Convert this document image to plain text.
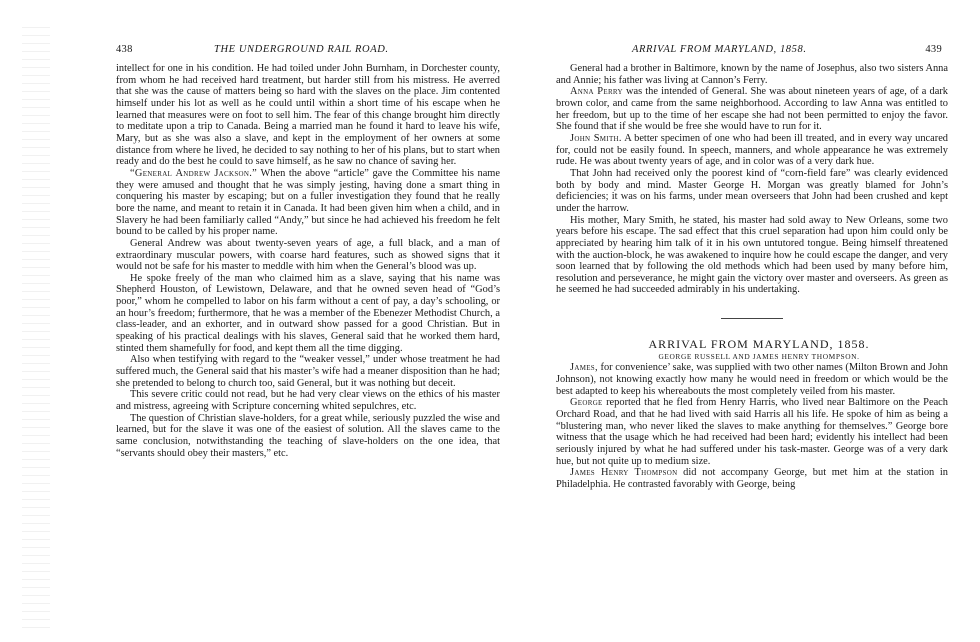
438	THE UNDERGROUND RAIL ROAD.

intellect for one in his condition. He had toiled under John Burnham, in Dorchester county, from whom he had received hard treatment, but harder still from his mistress. He averred that she was the cause of matters being so hard with the slaves on the place. Jim contented himself under his lot as well as he could until within a short time of his escape when he learned that measures were on foot to sell him. The fear of this change brought him directly to meditate upon a trip to Canada. Being a married man he found it hard to leave his wife, Mary, but as she was also a slave, and kept in the employment of her owners at some distance from where he lived, he decided to say nothing to her of his plans, but to start when ready and do the best he could to save himself, as he saw no chance of saving her.

“General Andrew Jackson.” When the above “article” gave the Committee his name they were amused and thought that he was simply jesting, having done a smart thing in conquering his master by escaping; but on a fuller investigation they found that he really bore the name, and meant to retain it in Canada. It had been given him when a child, and in Slavery he had been familiarly called “Andy,” but since he had achieved his freedom he felt bound to be called by his proper name.

General Andrew was about twenty-seven years of age, a full black, and a man of extraordinary muscular powers, with coarse hard features, such as showed signs that it would not be safe for his master to meddle with him when the General’s blood was up.

He spoke freely of the man who claimed him as a slave, saying that his name was Shepherd Houston, of Lewistown, Delaware, and that he owned seven head of “God’s poor,” whom he compelled to labor on his farm without a cent of pay, a day’s schooling, or an hour’s freedom; furthermore, that he was a member of the Ebenezer Methodist Church, a class-leader, and an exhorter, and in outward show passed for a good Christian. But in speaking of his practical dealings with his slaves, General said that he worked them hard, stinted them shamefully for food, and kept them all the time digging.

Also when testifying with regard to the “weaker vessel,” under whose treatment he had suffered much, the General said that his master’s wife had a meaner disposition than he had; she pretended to belong to church too, said General, but it was nothing but deceit.

This severe critic could not read, but he had very clear views on the ethics of his master and mistress, agreeing with Scripture concerning whited sepulchres, etc.

The question of Christian slave-holders, for a great while, seriously puzzled the wise and learned, but for the slave it was one of the easiest of solution. All the slaves came to the same conclusion, notwithstanding the teaching of slave-holders on the one idea, that “servants should obey their masters,” etc.

ARRIVAL FROM MARYLAND, 1858.	439

General had a brother in Baltimore, known by the name of Josephus, also two sisters Anna and Annie; his father was living at Cannon’s Ferry.

Anna Perry was the intended of General. She was about nineteen years of age, of a dark brown color, and came from the same neighborhood. According to law Anna was entitled to her freedom, but up to the time of her escape she had not been permitted to enjoy the favor. She found that if she would be free she would have to run for it.

John Smith. A better specimen of one who had been ill treated, and in every way uncared for, could not be easily found. In speech, manners, and whole appearance he was extremely rude. He was about twenty years of age, and in color was of a very dark hue.

That John had received only the poorest kind of “corn-field fare” was clearly evidenced both by body and mind. Master George H. Morgan was greatly blamed for John’s deficiencies; it was on his farms, under mean overseers that John had been crushed and kept under the harrow.

His mother, Mary Smith, he stated, his master had sold away to New Orleans, some two years before his escape. The sad effect that this cruel separation had upon him could only be appreciated by hearing him talk of it in his own untutored tongue. Being himself threatened with the auction-block, he was awakened to inquire how he could escape the danger, and very soon learned that by following the old methods which had been used by many before him, resolution and perseverance, he might gain the victory over master and overseers. As green as he seemed he had succeeded admirably in his undertaking.

ARRIVAL FROM MARYLAND, 1858.

GEORGE RUSSELL AND JAMES HENRY THOMPSON.

James, for convenience’ sake, was supplied with two other names (Milton Brown and John Johnson), not knowing exactly how many he would need in freedom or which would be the best adapted to keep his whereabouts the most completely veiled from his master.

George reported that he fled from Henry Harris, who lived near Baltimore on the Peach Orchard Road, and that he had lived with said Harris all his life. He spoke of him as being a “blustering man, who never liked the slaves to make anything for themselves.” George bore witness that the usage which he had received had been hard; evidently his intellect had been seriously injured by what he had suffered under his task-master. George was of a very dark hue, but not quite up to medium size.

James Henry Thompson did not accompany George, but met him at the station in Philadelphia. He contrasted favorably with George, being
